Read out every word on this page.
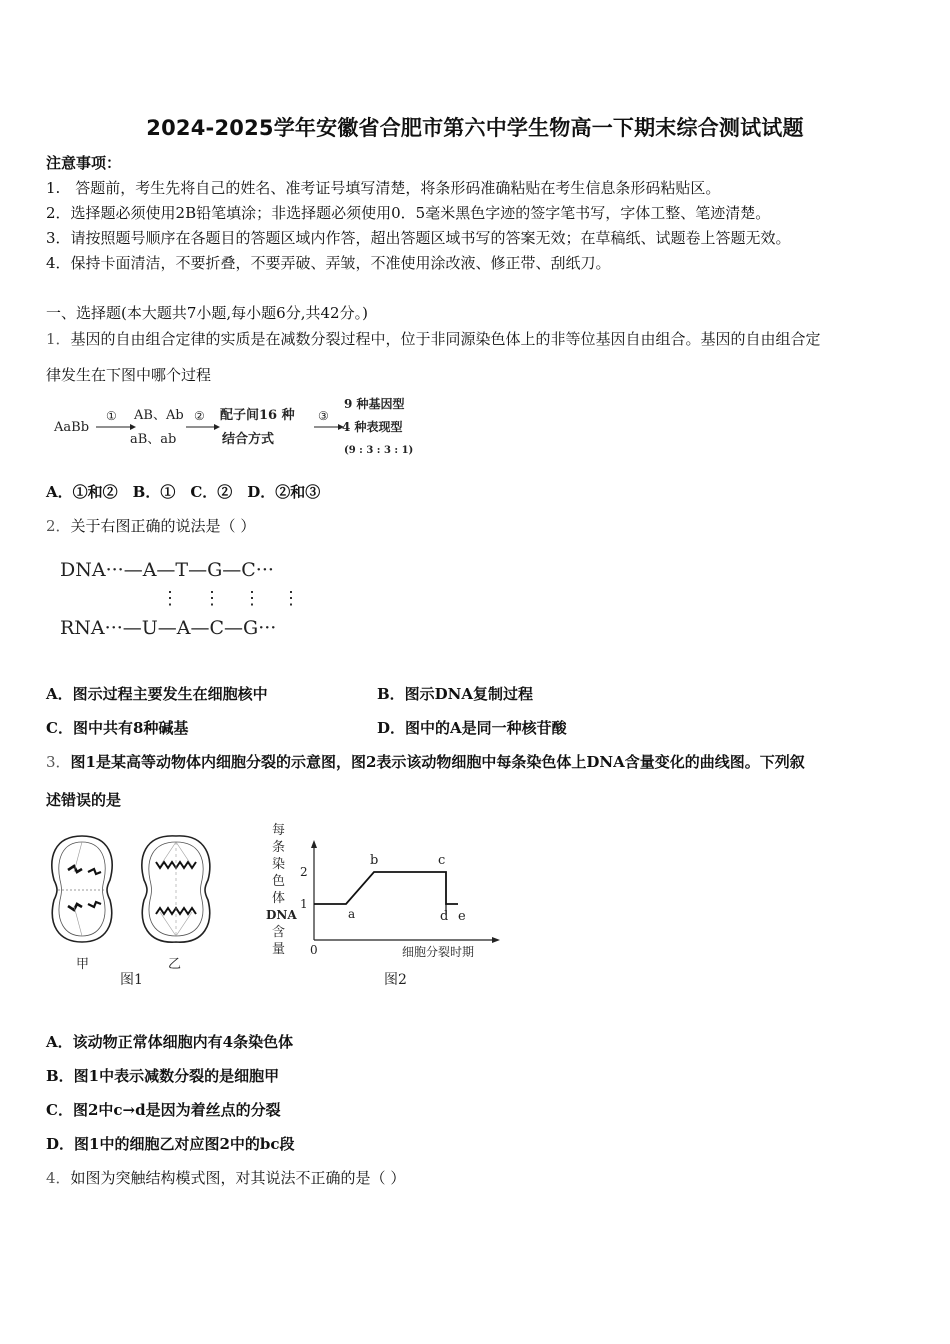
2024-2025学年安徽省合肥市第六中学生物高一下期末综合测试试题
注意事项：
1.　答题前，考生先将自己的姓名、准考证号填写清楚，将条形码准确粘贴在考生信息条形码粘贴区。
2．选择题必须使用2B铅笔填涂；非选择题必须使用0．5毫米黑色字迹的签字笔书写，字体工整、笔迹清楚。
3．请按照题号顺序在各题目的答题区域内作答，超出答题区域书写的答案无效；在草稿纸、试题卷上答题无效。
4．保持卡面清洁，不要折叠，不要弄破、弄皱，不准使用涂改液、修正带、刮纸刀。
一、选择题(本大题共7小题,每小题6分,共42分。)
1．基因的自由组合定律的实质是在减数分裂过程中，位于非同源染色体上的非等位基因自由组合。基因的自由组合定
律发生在下图中哪个过程
AaBb
① AB、Ab
aB、ab
② 配子间16 种
结合方式
③
9 种基因型
4 种表现型
(9 : 3 : 3 : 1)
A．①和②　B．①　C．②　D．②和③
2．关于右图正确的说法是（ ）
DNA···—A—T—G—C···
⋮ ⋮ ⋮ ⋮
RNA···—U—A—C—G···
A．图示过程主要发生在细胞核中	B．图示DNA复制过程
C．图中共有8种碱基	D．图中的A是同一种核苷酸
3．图1是某高等动物体内细胞分裂的示意图，图2表示该动物细胞中每条染色体上DNA含量变化的曲线图。下列叙
述错误的是
甲	乙
图1
每
条
染
色
体
DNA
含
量 0
1
2
a
b	c
d e
细胞分裂时期
图2
A．该动物正常体细胞内有4条染色体
B．图1中表示减数分裂的是细胞甲
C．图2中c→d是因为着丝点的分裂
D．图1中的细胞乙对应图2中的bc段
4．如图为突触结构模式图，对其说法不正确的是（ ）
